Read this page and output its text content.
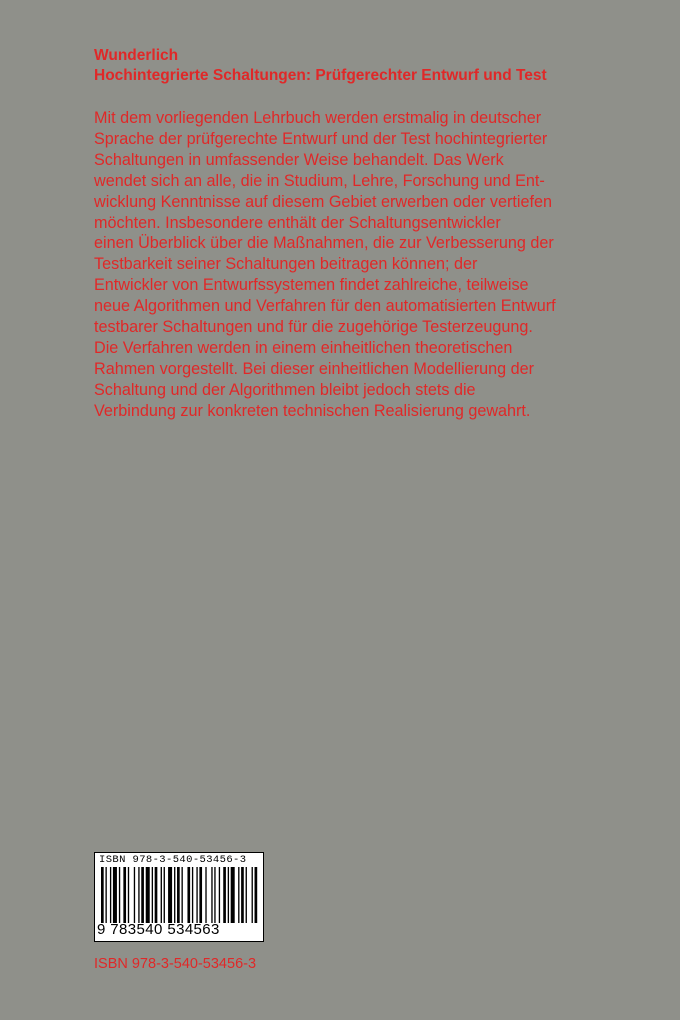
Wunderlich
Hochintegrierte Schaltungen: Prüfgerechter Entwurf und Test
Mit dem vorliegenden Lehrbuch werden erstmalig in deutscher
Sprache der prüfgerechte Entwurf und der Test hochintegrierter
Schaltungen in umfassender Weise behandelt. Das Werk
wendet sich an alle, die in Studium, Lehre, Forschung und Ent-
wicklung Kenntnisse auf diesem Gebiet erwerben oder vertiefen
möchten. Insbesondere enthält der Schaltungsentwickler
einen Überblick über die Maßnahmen, die zur Verbesserung der
Testbarkeit seiner Schaltungen beitragen können; der
Entwickler von Entwurfssystemen findet zahlreiche, teilweise
neue Algorithmen und Verfahren für den automatisierten Entwurf
testbarer Schaltungen und für die zugehörige Testerzeugung.
Die Verfahren werden in einem einheitlichen theoretischen
Rahmen vorgestellt. Bei dieser einheitlichen Modellierung der
Schaltung und der Algorithmen bleibt jedoch stets die
Verbindung zur konkreten technischen Realisierung gewahrt.
ISBN 978-3-540-53456-3
9 783540 534563
ISBN 978-3-540-53456-3
